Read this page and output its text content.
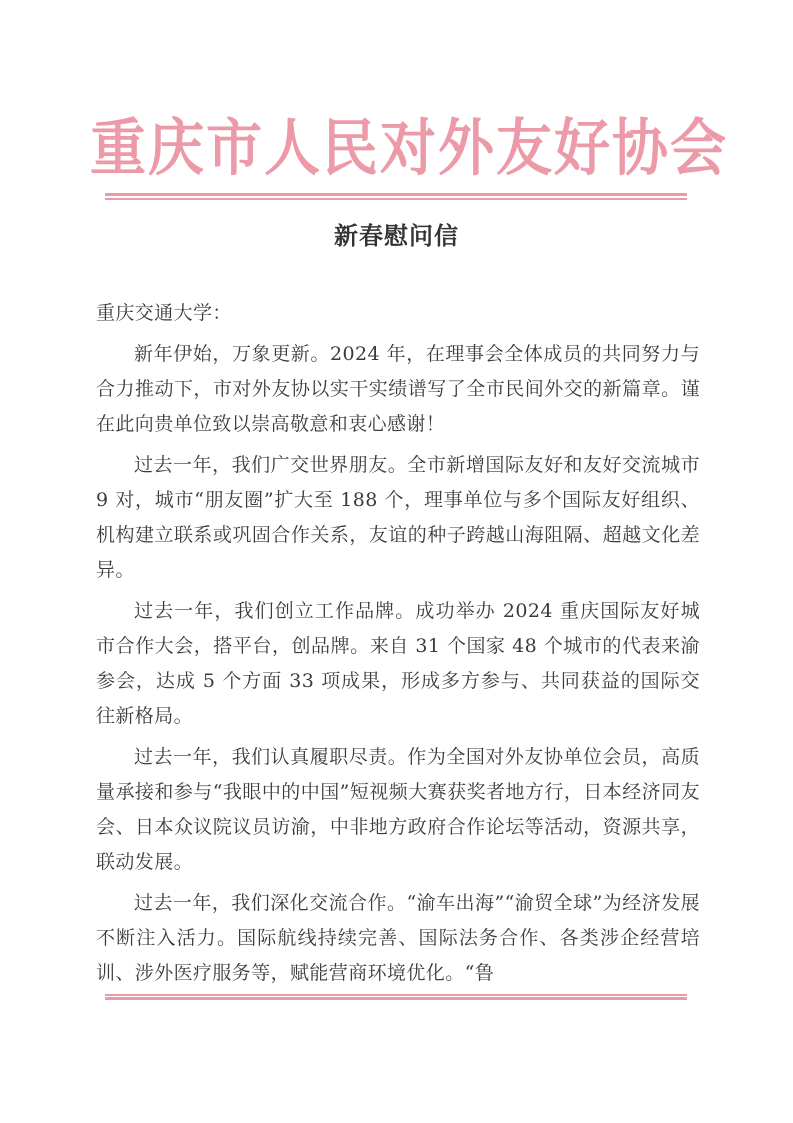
重庆市人民对外友好协会
新春慰问信

重庆交通大学：

新年伊始，万象更新。2024 年，在理事会全体成员的共同努力与合力推动下，市对外友协以实干实绩谱写了全市民间外交的新篇章。谨在此向贵单位致以崇高敬意和衷心感谢！

过去一年，我们广交世界朋友。全市新增国际友好和友好交流城市 9 对，城市“朋友圈”扩大至 188 个，理事单位与多个国际友好组织、机构建立联系或巩固合作关系，友谊的种子跨越山海阻隔、超越文化差异。

过去一年，我们创立工作品牌。成功举办 2024 重庆国际友好城市合作大会，搭平台，创品牌。来自 31 个国家 48 个城市的代表来渝参会，达成 5 个方面 33 项成果，形成多方参与、共同获益的国际交往新格局。

过去一年，我们认真履职尽责。作为全国对外友协单位会员，高质量承接和参与“我眼中的中国”短视频大赛获奖者地方行，日本经济同友会、日本众议院议员访渝，中非地方政府合作论坛等活动，资源共享，联动发展。

过去一年，我们深化交流合作。“渝车出海”“渝贸全球”为经济发展不断注入活力。国际航线持续完善、国际法务合作、各类涉企经营培训、涉外医疗服务等，赋能营商环境优化。“鲁
